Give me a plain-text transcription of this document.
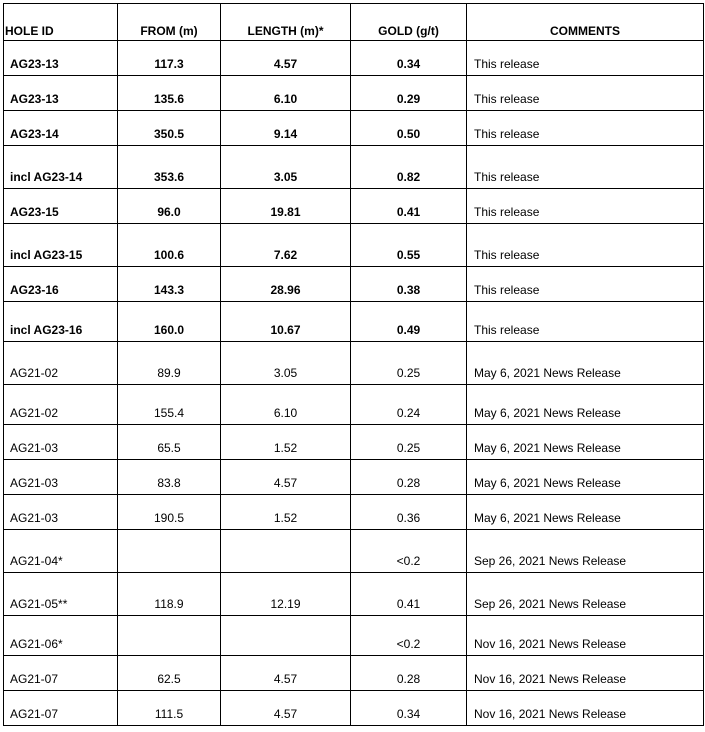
HOLE ID	FROM (m)	LENGTH (m)*	GOLD (g/t)	COMMENTS
AG23-13	117.3	4.57	0.34	This release
AG23-13	135.6	6.10	0.29	This release
AG23-14	350.5	9.14	0.50	This release
incl AG23-14	353.6	3.05	0.82	This release
AG23-15	96.0	19.81	0.41	This release
incl AG23-15	100.6	7.62	0.55	This release
AG23-16	143.3	28.96	0.38	This release
incl AG23-16	160.0	10.67	0.49	This release
AG21-02	89.9	3.05	0.25	May 6, 2021 News Release
AG21-02	155.4	6.10	0.24	May 6, 2021 News Release
AG21-03	65.5	1.52	0.25	May 6, 2021 News Release
AG21-03	83.8	4.57	0.28	May 6, 2021 News Release
AG21-03	190.5	1.52	0.36	May 6, 2021 News Release
AG21-04*			<0.2	Sep 26, 2021 News Release
AG21-05**	118.9	12.19	0.41	Sep 26, 2021 News Release
AG21-06*			<0.2	Nov 16, 2021 News Release
AG21-07	62.5	4.57	0.28	Nov 16, 2021 News Release
AG21-07	111.5	4.57	0.34	Nov 16, 2021 News Release
